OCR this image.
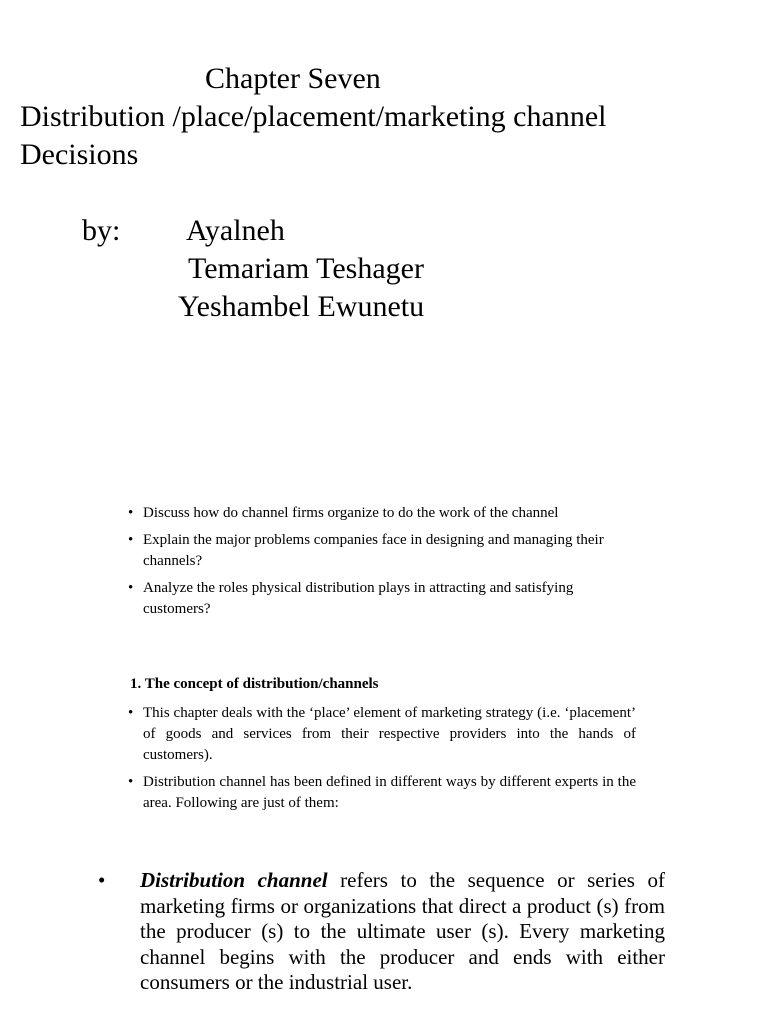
Chapter Seven
Distribution /place/placement/marketing channel
Decisions
by: Ayalneh
Temariam Teshager
Yeshambel Ewunetu
• Discuss how do channel firms organize to do the work of the channel
• Explain the major problems companies face in designing and managing their channels?
• Analyze the roles physical distribution plays in attracting and satisfying customers?
1. The concept of distribution/channels
• This chapter deals with the ‘place’ element of marketing strategy (i.e. ‘placement’ of goods and services from their respective providers into the hands of customers).
• Distribution channel has been defined in different ways by different experts in the area. Following are just of them:
• Distribution channel refers to the sequence or series of marketing firms or organizations that direct a product (s) from the producer (s) to the ultimate user (s). Every marketing channel begins with the producer and ends with either consumers or the industrial user.
